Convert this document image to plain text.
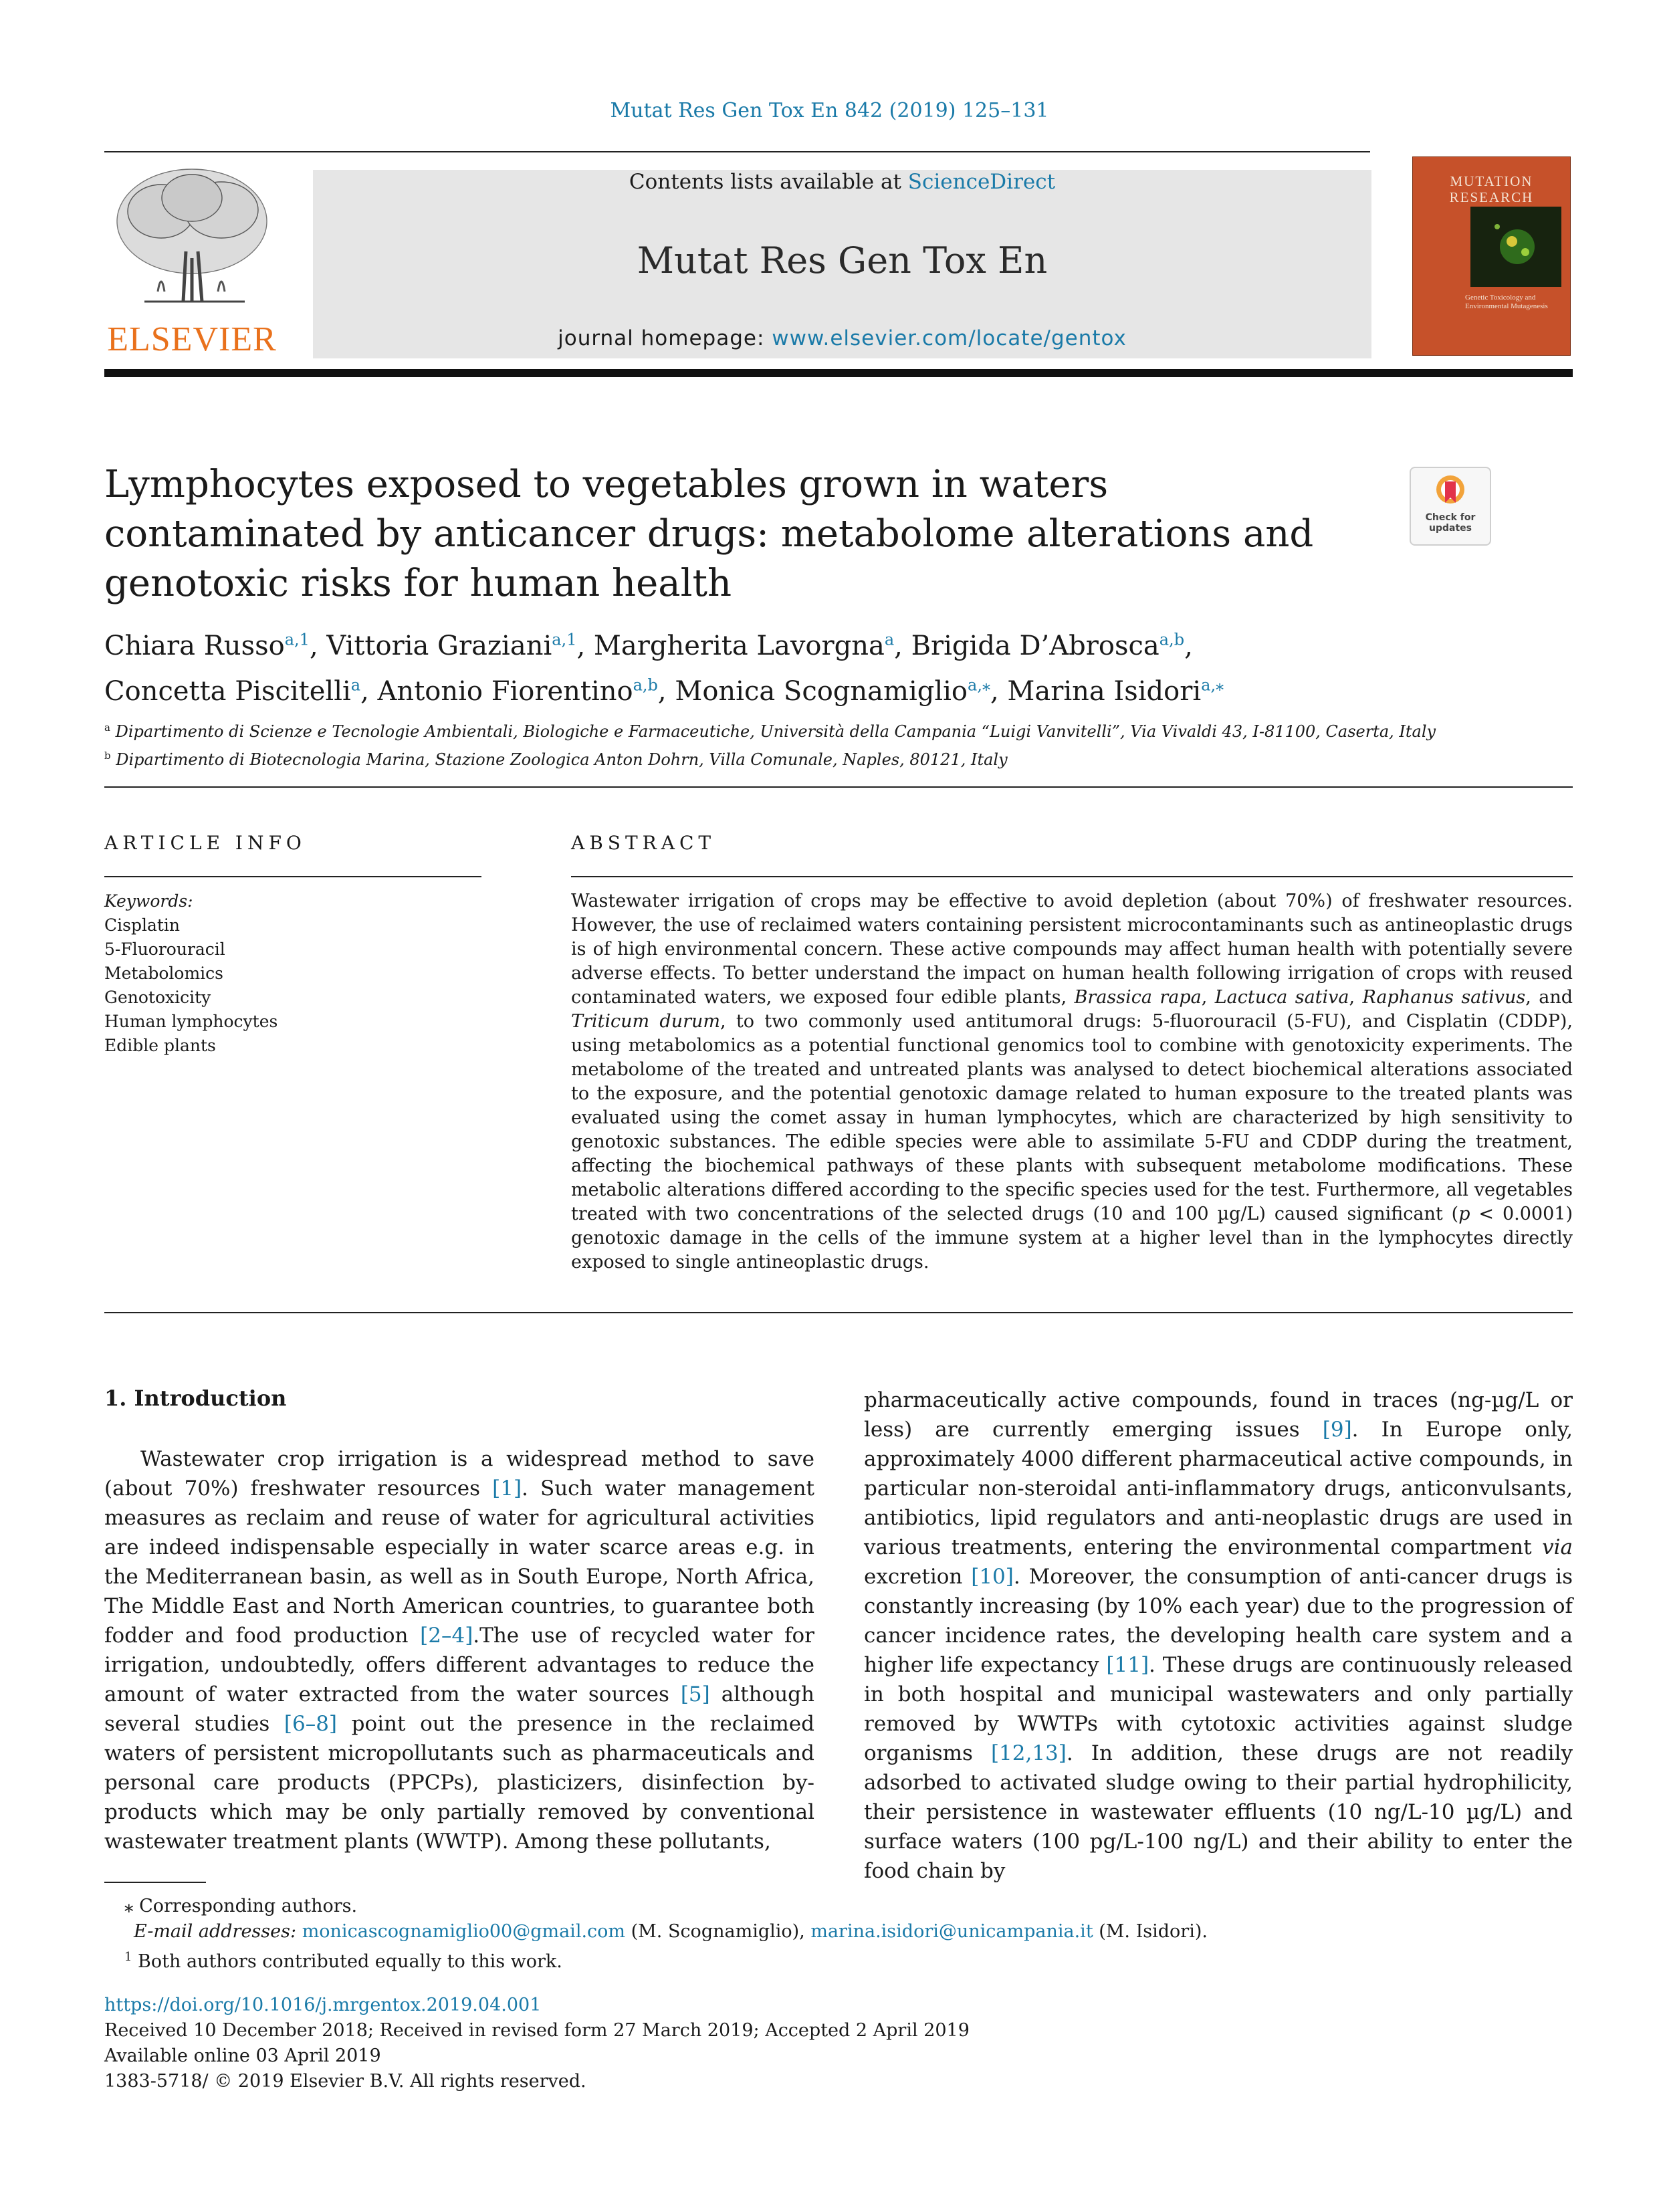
Mutat Res Gen Tox En 842 (2019) 125–131
ELSEVIER
Contents lists available at ScienceDirect
Mutat Res Gen Tox En
journal homepage: www.elsevier.com/locate/gentox
MUTATION
RESEARCH
Genetic Toxicology and Environmental Mutagenesis
Lymphocytes exposed to vegetables grown in waters contaminated by anticancer drugs: metabolome alterations and genotoxic risks for human health
Check for
updates
Chiara Russo$^{a,1}$, Vittoria Graziani$^{a,1}$, Margherita Lavorgna$^a$, Brigida D’Abrosca$^{a,b}$,
Concetta Piscitelli$^a$, Antonio Fiorentino$^{a,b}$, Monica Scognamiglio$^{a,⁎}$, Marina Isidori$^{a,⁎}$
$^a$ Dipartimento di Scienze e Tecnologie Ambientali, Biologiche e Farmaceutiche, Università della Campania “Luigi Vanvitelli”, Via Vivaldi 43, I-81100, Caserta, Italy
$^b$ Dipartimento di Biotecnologia Marina, Stazione Zoologica Anton Dohrn, Villa Comunale, Naples, 80121, Italy
ARTICLE INFO
Keywords:
Cisplatin
5-Fluorouracil
Metabolomics
Genotoxicity
Human lymphocytes
Edible plants
ABSTRACT
Wastewater irrigation of crops may be effective to avoid depletion (about 70%) of freshwater resources. However, the use of reclaimed waters containing persistent microcontaminants such as antineoplastic drugs is of high environmental concern. These active compounds may affect human health with potentially severe adverse effects. To better understand the impact on human health following irrigation of crops with reused contaminated waters, we exposed four edible plants, Brassica rapa, Lactuca sativa, Raphanus sativus, and Triticum durum, to two commonly used antitumoral drugs: 5-fluorouracil (5-FU), and Cisplatin (CDDP), using metabolomics as a potential functional genomics tool to combine with genotoxicity experiments. The metabolome of the treated and untreated plants was analysed to detect biochemical alterations associated to the exposure, and the potential genotoxic damage related to human exposure to the treated plants was evaluated using the comet assay in human lymphocytes, which are characterized by high sensitivity to genotoxic substances. The edible species were able to assimilate 5-FU and CDDP during the treatment, affecting the biochemical pathways of these plants with subsequent metabolome modifications. These metabolic alterations differed according to the specific species used for the test. Furthermore, all vegetables treated with two concentrations of the selected drugs (10 and 100 µg/L) caused significant (p < 0.0001) genotoxic damage in the cells of the immune system at a higher level than in the lymphocytes directly exposed to single antineoplastic drugs.
1. Introduction

Wastewater crop irrigation is a widespread method to save (about 70%) freshwater resources [1]. Such water management measures as reclaim and reuse of water for agricultural activities are indeed indispensable especially in water scarce areas e.g. in the Mediterranean basin, as well as in South Europe, North Africa, The Middle East and North American countries, to guarantee both fodder and food production [2–4].The use of recycled water for irrigation, undoubtedly, offers different advantages to reduce the amount of water extracted from the water sources [5] although several studies [6–8] point out the presence in the reclaimed waters of persistent micropollutants such as pharmaceuticals and personal care products (PPCPs), plasticizers, disinfection by-products which may be only partially removed by conventional wastewater treatment plants (WWTP). Among these pollutants,

pharmaceutically active compounds, found in traces (ng-µg/L or less) are currently emerging issues [9]. In Europe only, approximately 4000 different pharmaceutical active compounds, in particular non-steroidal anti-inflammatory drugs, anticonvulsants, antibiotics, lipid regulators and anti-neoplastic drugs are used in various treatments, entering the environmental compartment via excretion [10]. Moreover, the consumption of anti-cancer drugs is constantly increasing (by 10% each year) due to the progression of cancer incidence rates, the developing health care system and a higher life expectancy [11]. These drugs are continuously released in both hospital and municipal wastewaters and only partially removed by WWTPs with cytotoxic activities against sludge organisms [12,13]. In addition, these drugs are not readily adsorbed to activated sludge owing to their partial hydrophilicity, their persistence in wastewater effluents (10 ng/L-10 µg/L) and surface waters (100 pg/L-100 ng/L) and their ability to enter the food chain by

⁎ Corresponding authors.
E-mail addresses: monicascognamiglio00@gmail.com (M. Scognamiglio), marina.isidori@unicampania.it (M. Isidori).
$^1$ Both authors contributed equally to this work.
https://doi.org/10.1016/j.mrgentox.2019.04.001
Received 10 December 2018; Received in revised form 27 March 2019; Accepted 2 April 2019
Available online 03 April 2019
1383-5718/ © 2019 Elsevier B.V. All rights reserved.
